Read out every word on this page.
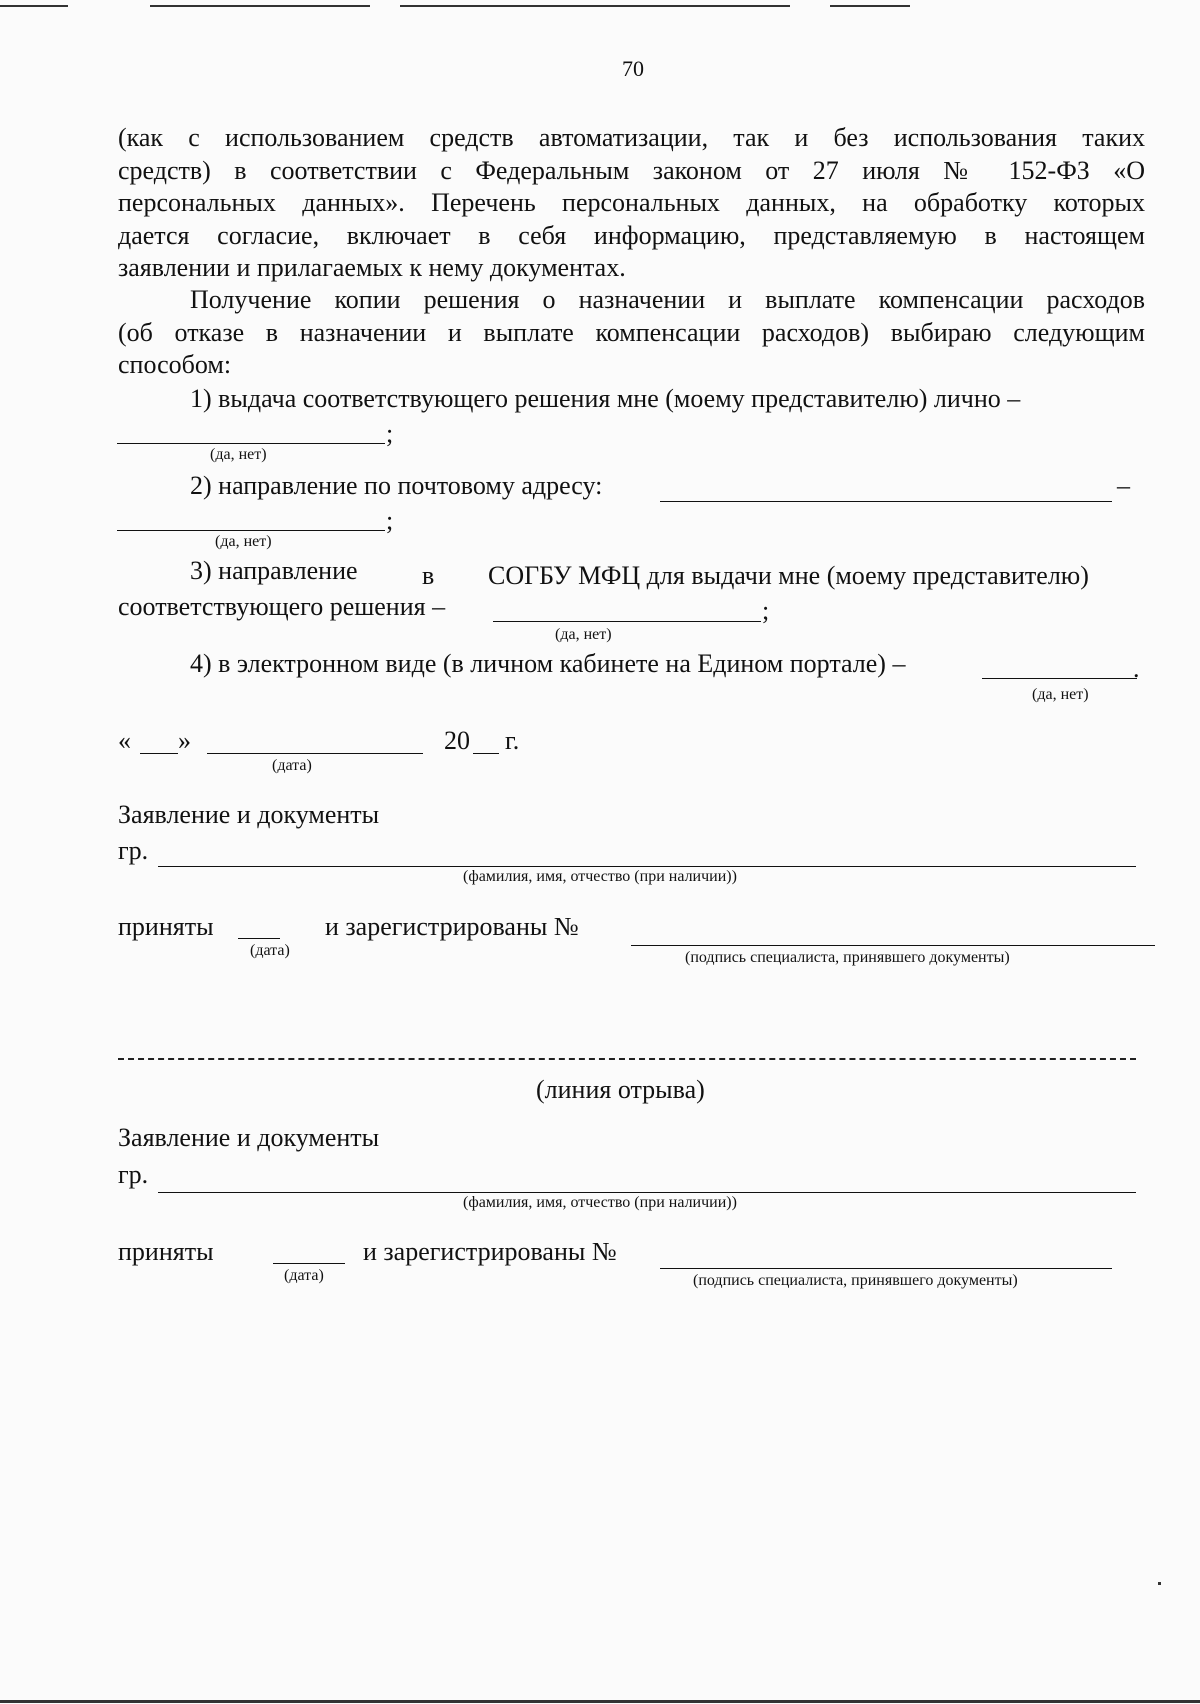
70
(как с использованием средств автоматизации, так и без использования таких
средств) в соответствии с Федеральным законом от 27 июля № 152-ФЗ «О
персональных данных». Перечень персональных данных, на обработку которых
дается согласие, включает в себя информацию, представляемую в настоящем
заявлении и прилагаемых к нему документах.
Получение копии решения о назначении и выплате компенсации расходов
(об отказе в назначении и выплате компенсации расходов) выбираю следующим
способом:
1) выдача соответствующего решения мне (моему представителю) лично –
;
(да, нет)
2) направление по почтовому адресу:	–
;
(да, нет)
3) направление в СОГБУ МФЦ для выдачи мне (моему представителю)
соответствующего решения –	;
(да, нет)
4) в электронном виде (в личном кабинете на Едином портале) –	.
(да, нет)
« »
(дата)
20 г.
Заявление и документы
гр.
(фамилия, имя, отчество (при наличии))
приняты
(дата)
и зарегистрированы №
(подпись специалиста, принявшего документы)
(линия отрыва)
Заявление и документы
гр.
(фамилия, имя, отчество (при наличии))
приняты
(дата)
и зарегистрированы №
(подпись специалиста, принявшего документы)
